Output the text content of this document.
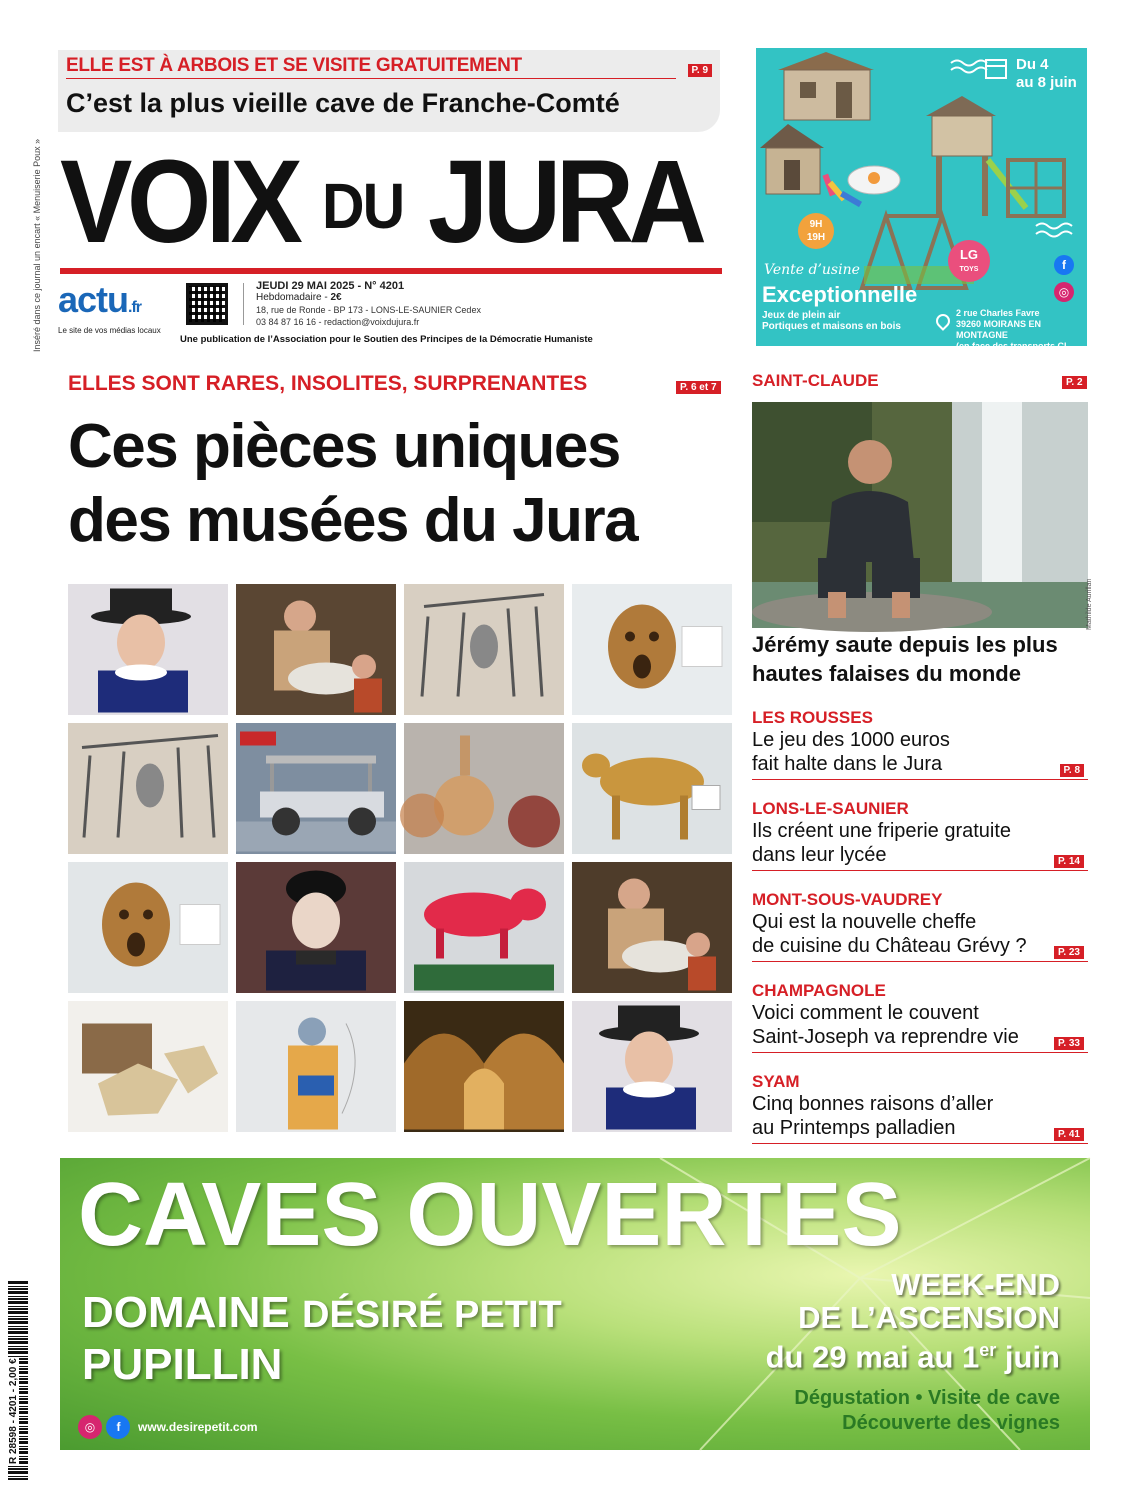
Inséré dans ce journal un encart « Menuiserie Poux »
ELLE EST À ARBOIS ET SE VISITE GRATUITEMENT	P. 9
C’est la plus vieille cave de Franche-Comté
VOIX DU JURA
actu.fr
Le site de vos médias locaux
JEUDI 29 MAI 2025 - N° 4201
Hebdomadaire - 2€
18, rue de Ronde - BP 173 - LONS-LE-SAUNIER Cedex
03 84 87 16 16 - redaction@voixdujura.fr
Une publication de l’Association pour le Soutien des Principes de la Démocratie Humaniste
Du 4
au 8 juin
9H
19H
LG
TOYS	f
◎
Vente d’usine
Exceptionnelle
Jeux de plein air
Portiques et maisons en bois
2 rue Charles Favre
39260 MOIRANS EN MONTAGNE
(en face des transports CL Jura)
ELLES SONT RARES, INSOLITES, SURPRENANTES	P. 6 et 7
Ces pièces uniques
des musées du Jura
SAINT-CLAUDE	P. 2
Mathilde Aurillan
Jérémy saute depuis les plus hautes falaises du monde
LES ROUSSES
Le jeu des 1000 euros
fait halte dans le Jura	P. 8
LONS-LE-SAUNIER
Ils créent une friperie gratuite
dans leur lycée	P. 14
MONT-SOUS-VAUDREY
Qui est la nouvelle cheffe
de cuisine du Château Grévy ?	P. 23
CHAMPAGNOLE
Voici comment le couvent
Saint-Joseph va reprendre vie	P. 33
SYAM
Cinq bonnes raisons d’aller
au Printemps palladien	P. 41
CAVES OUVERTES
DOMAINE DÉSIRÉ PETIT
PUPILLIN
◎ f	www.desirepetit.com
WEEK-END
DE L’ASCENSION
du 29 mai au 1er juin
Dégustation • Visite de cave
Découverte des vignes
R 28598 - 4201 - 2,00 €
